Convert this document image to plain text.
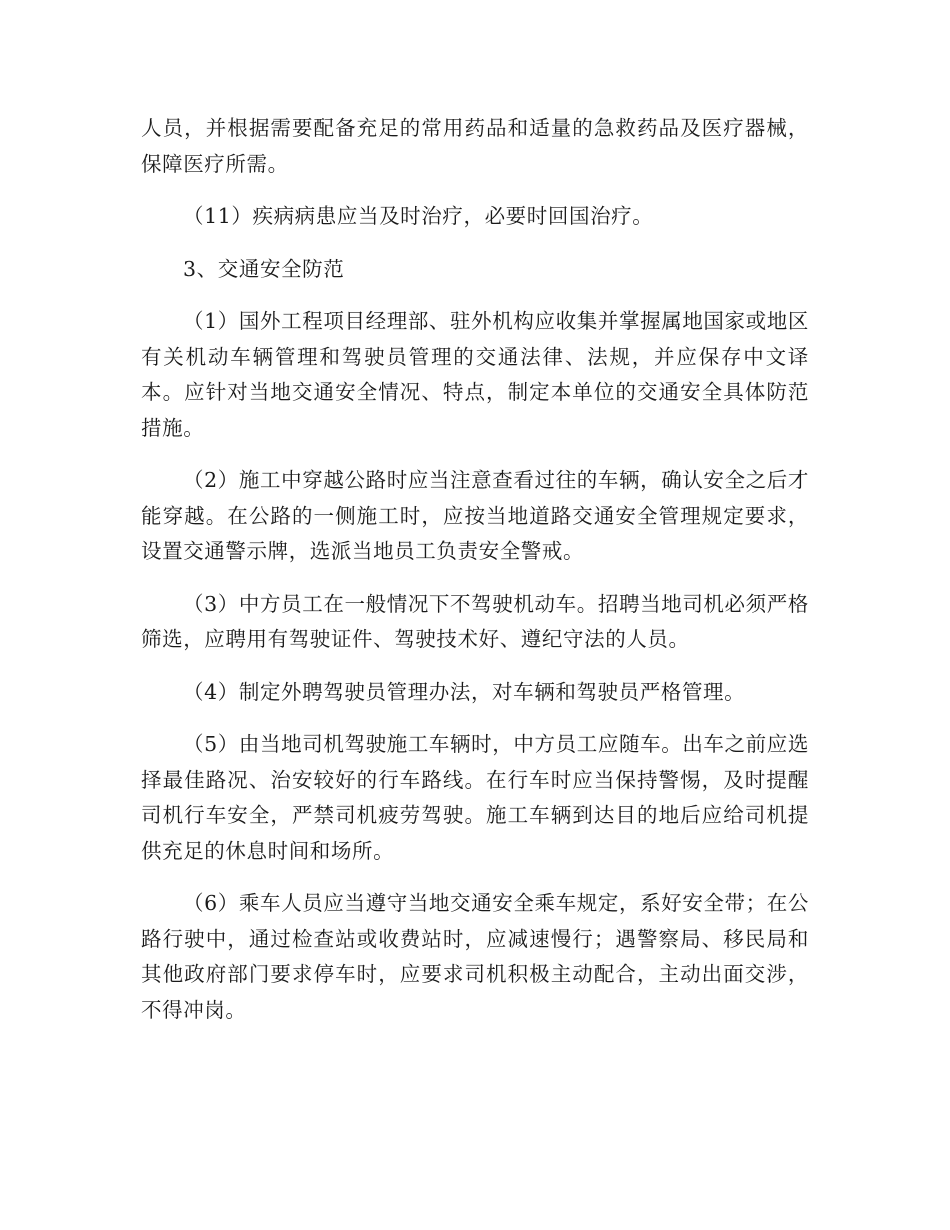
人员，并根据需要配备充足的常用药品和适量的急救药品及医疗器械，保障医疗所需。

（11）疾病病患应当及时治疗，必要时回国治疗。

3、交通安全防范

（1）国外工程项目经理部、驻外机构应收集并掌握属地国家或地区有关机动车辆管理和驾驶员管理的交通法律、法规，并应保存中文译本。应针对当地交通安全情况、特点，制定本单位的交通安全具体防范措施。

（2）施工中穿越公路时应当注意查看过往的车辆，确认安全之后才能穿越。在公路的一侧施工时，应按当地道路交通安全管理规定要求，设置交通警示牌，选派当地员工负责安全警戒。

（3）中方员工在一般情况下不驾驶机动车。招聘当地司机必须严格筛选，应聘用有驾驶证件、驾驶技术好、遵纪守法的人员。

（4）制定外聘驾驶员管理办法，对车辆和驾驶员严格管理。

（5）由当地司机驾驶施工车辆时，中方员工应随车。出车之前应选择最佳路况、治安较好的行车路线。在行车时应当保持警惕，及时提醒司机行车安全，严禁司机疲劳驾驶。施工车辆到达目的地后应给司机提供充足的休息时间和场所。

（6）乘车人员应当遵守当地交通安全乘车规定，系好安全带；在公路行驶中，通过检查站或收费站时，应减速慢行；遇警察局、移民局和其他政府部门要求停车时，应要求司机积极主动配合，主动出面交涉，不得冲岗。
